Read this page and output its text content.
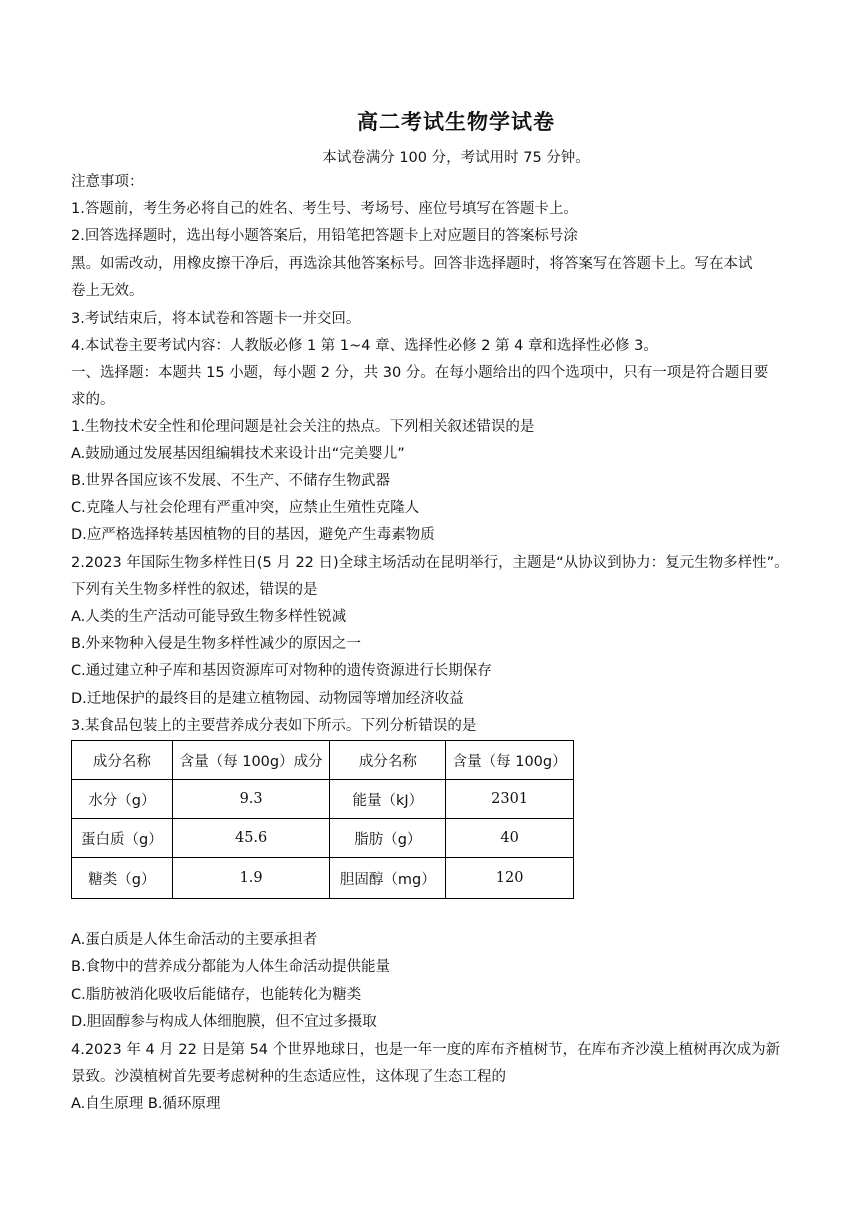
高二考试生物学试卷
本试卷满分 100 分，考试用时 75 分钟。
注意事项：
1.答题前，考生务必将自己的姓名、考生号、考场号、座位号填写在答题卡上。
2.回答选择题时，选出每小题答案后，用铅笔把答题卡上对应题目的答案标号涂
黑。如需改动，用橡皮擦干净后，再选涂其他答案标号。回答非选择题时，将答案写在答题卡上。写在本试
卷上无效。
3.考试结束后，将本试卷和答题卡一并交回。
4.本试卷主要考试内容：人教版必修 1 第 1~4 章、选择性必修 2 第 4 章和选择性必修 3。
一、选择题：本题共 15 小题，每小题 2 分，共 30 分。在每小题给出的四个选项中，只有一项是符合题目要
求的。
1.生物技术安全性和伦理问题是社会关注的热点。下列相关叙述错误的是
A.鼓励通过发展基因组编辑技术来设计出“完美婴儿”
B.世界各国应该不发展、不生产、不储存生物武器
C.克隆人与社会伦理有严重冲突，应禁止生殖性克隆人
D.应严格选择转基因植物的目的基因，避免产生毒素物质
2.2023 年国际生物多样性日(5 月 22 日)全球主场活动在昆明举行，主题是“从协议到协力：复元生物多样性”。
下列有关生物多样性的叙述，错误的是
A.人类的生产活动可能导致生物多样性锐减
B.外来物种入侵是生物多样性减少的原因之一
C.通过建立种子库和基因资源库可对物种的遗传资源进行长期保存
D.迁地保护的最终目的是建立植物园、动物园等增加经济收益
3.某食品包装上的主要营养成分表如下所示。下列分析错误的是
成分名称	含量（每 100g）成分	成分名称	含量（每 100g）
水分（g）	9.3	能量（kJ）	2301
蛋白质（g）	45.6	脂肪（g）	40
糖类（g）	1.9	胆固醇（mg）	120
A.蛋白质是人体生命活动的主要承担者
B.食物中的营养成分都能为人体生命活动提供能量
C.脂肪被消化吸收后能储存，也能转化为糖类
D.胆固醇参与构成人体细胞膜，但不宜过多摄取
4.2023 年 4 月 22 日是第 54 个世界地球日，也是一年一度的库布齐植树节，在库布齐沙漠上植树再次成为新
景致。沙漠植树首先要考虑树种的生态适应性，这体现了生态工程的
A.自生原理 B.循环原理
